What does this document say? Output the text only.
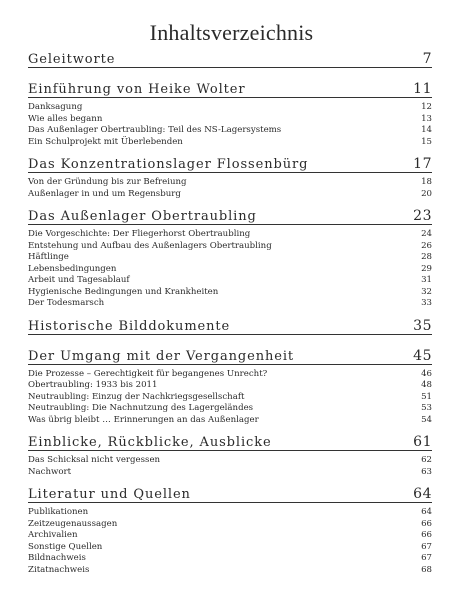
Inhaltsverzeichnis
Geleitworte	7
Einführung von Heike Wolter	11
Danksagung	12
Wie alles begann	13
Das Außenlager Obertraubling: Teil des NS-Lagersystems	14
Ein Schulprojekt mit Überlebenden	15
Das Konzentrationslager Flossenbürg	17
Von der Gründung bis zur Befreiung	18
Außenlager in und um Regensburg	20
Das Außenlager Obertraubling	23
Die Vorgeschichte: Der Fliegerhorst Obertraubling	24
Entstehung und Aufbau des Außenlagers Obertraubling	26
Häftlinge	28
Lebensbedingungen	29
Arbeit und Tagesablauf	31
Hygienische Bedingungen und Krankheiten	32
Der Todesmarsch	33
Historische Bilddokumente	35
Der Umgang mit der Vergangenheit	45
Die Prozesse – Gerechtigkeit für begangenes Unrecht?	46
Obertraubling: 1933 bis 2011	48
Neutraubling: Einzug der Nachkriegsgesellschaft	51
Neutraubling: Die Nachnutzung des Lagergeländes	53
Was übrig bleibt … Erinnerungen an das Außenlager	54
Einblicke, Rückblicke, Ausblicke	61
Das Schicksal nicht vergessen	62
Nachwort	63
Literatur und Quellen	64
Publikationen	64
Zeitzeugenaussagen	66
Archivalien	66
Sonstige Quellen	67
Bildnachweis	67
Zitatnachweis	68
